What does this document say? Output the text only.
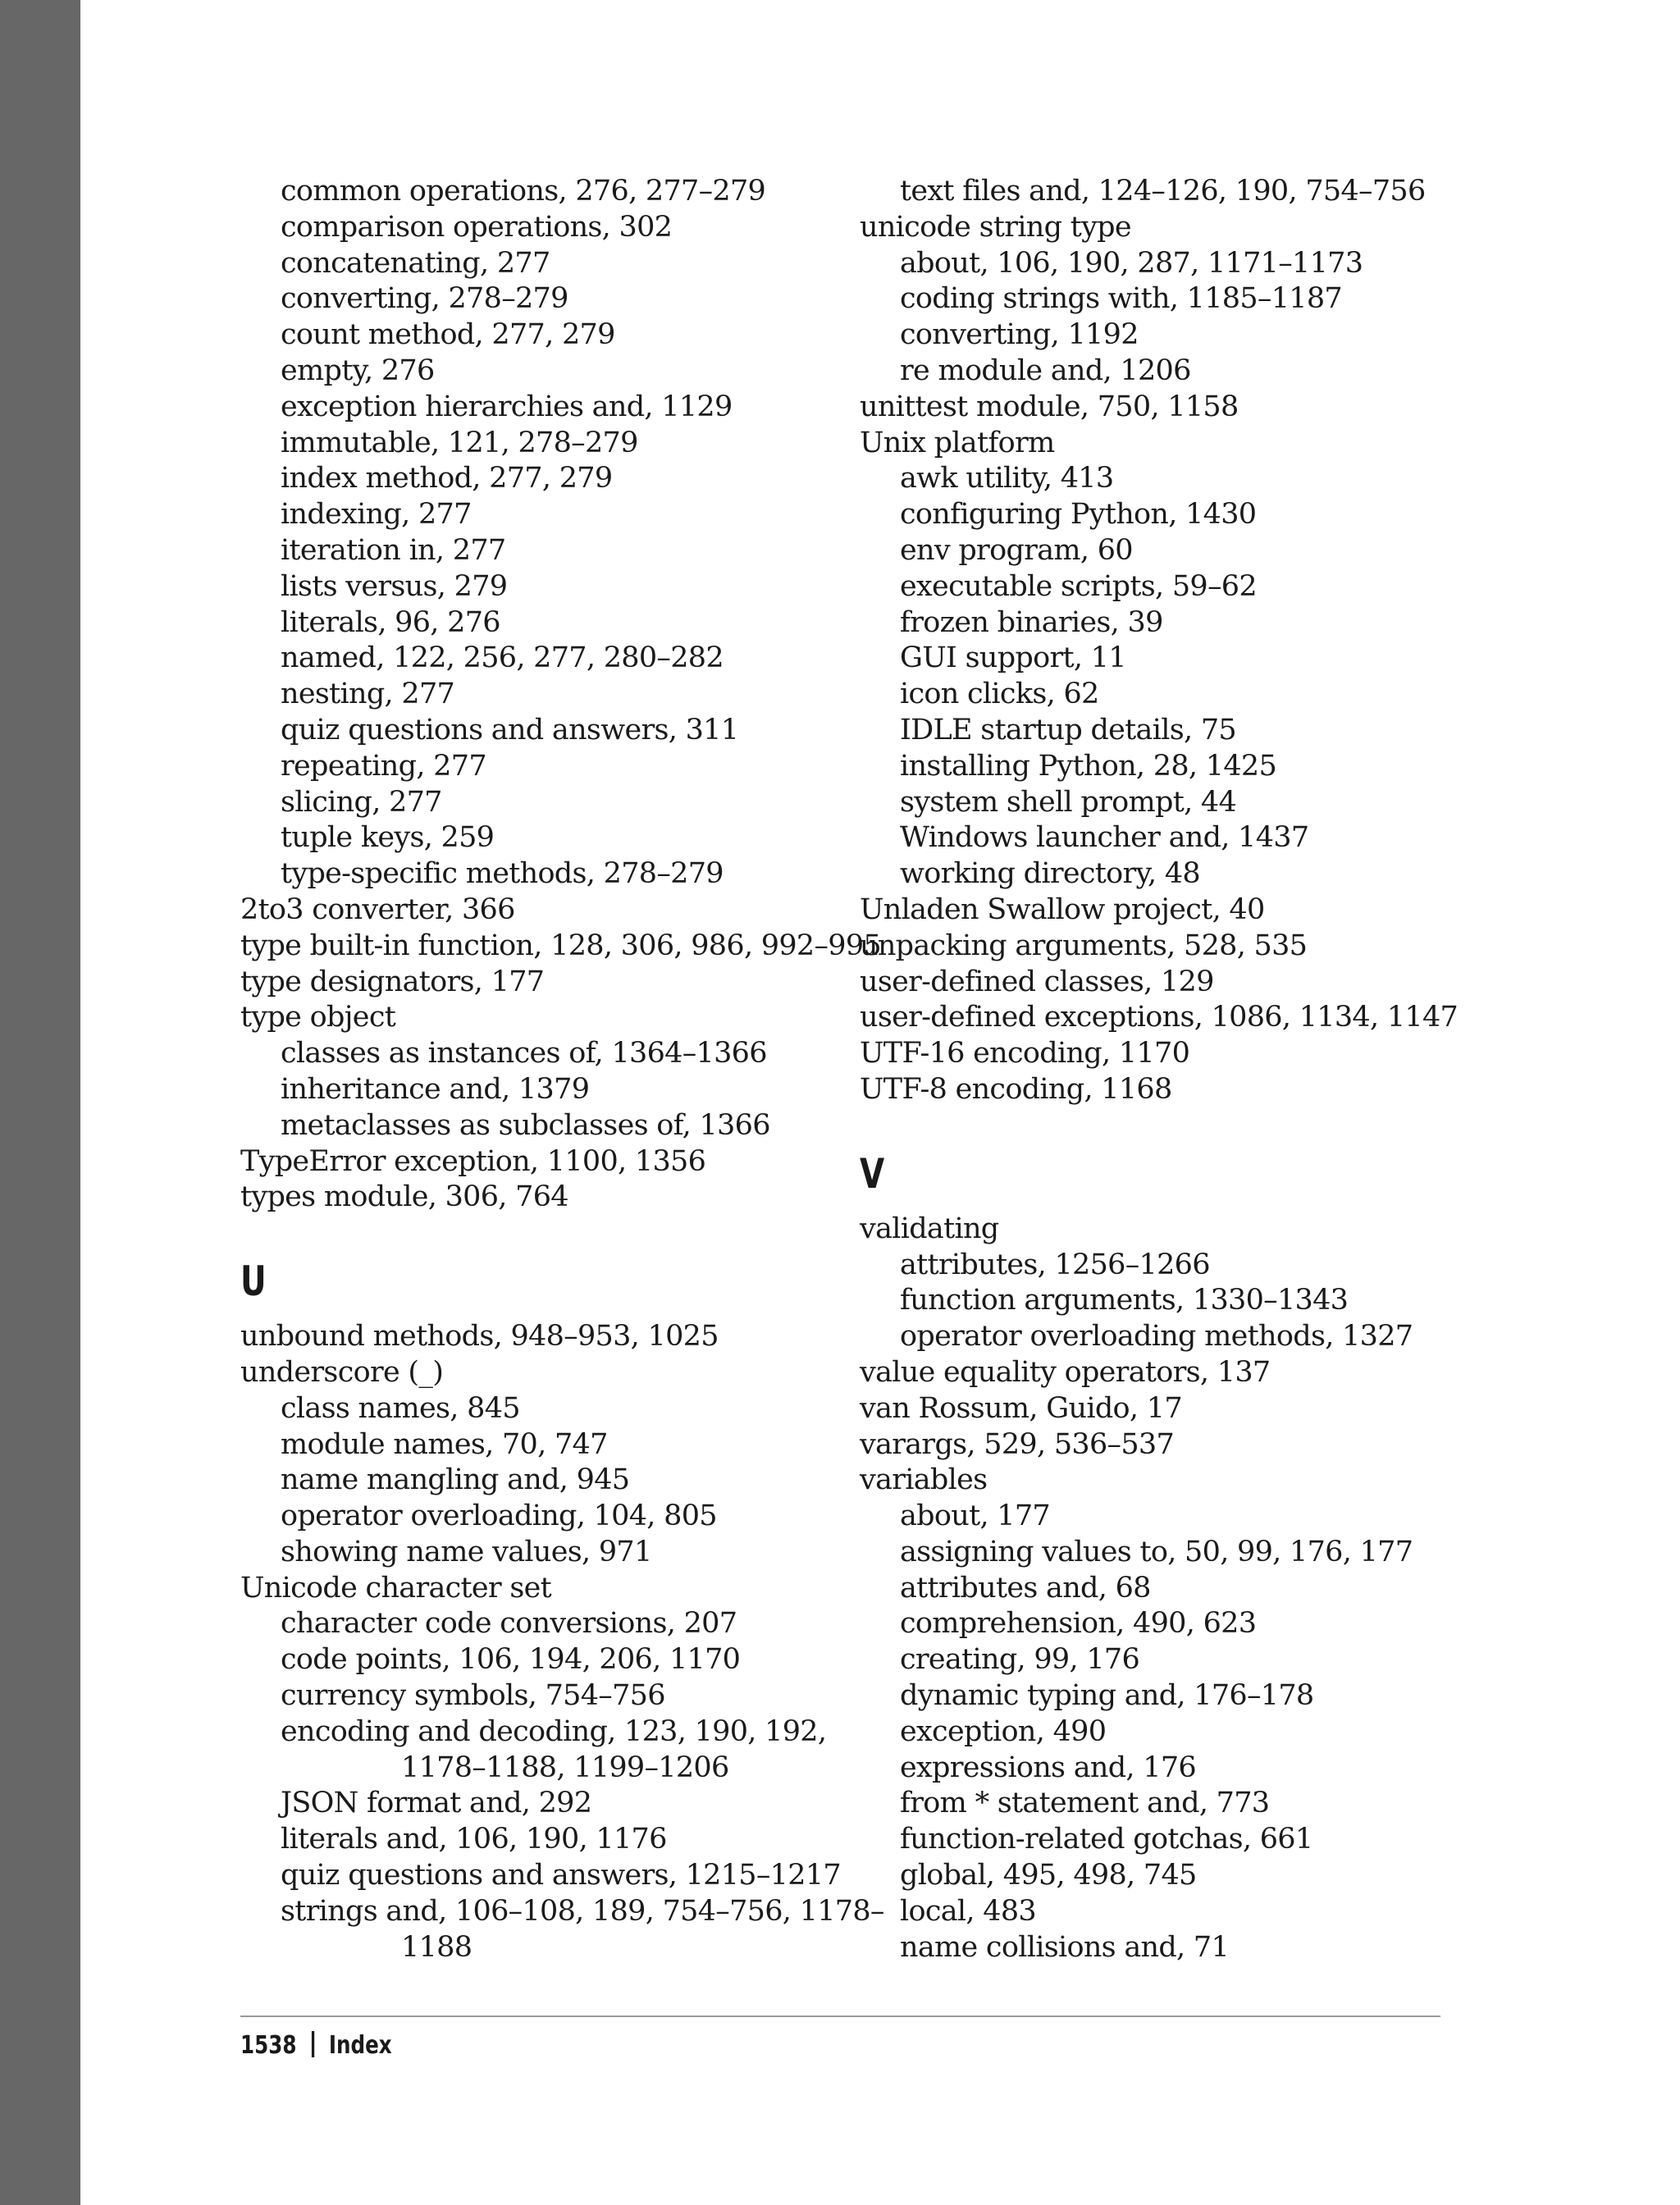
common operations, 276, 277–279
comparison operations, 302
concatenating, 277
converting, 278–279
count method, 277, 279
empty, 276
exception hierarchies and, 1129
immutable, 121, 278–279
index method, 277, 279
indexing, 277
iteration in, 277
lists versus, 279
literals, 96, 276
named, 122, 256, 277, 280–282
nesting, 277
quiz questions and answers, 311
repeating, 277
slicing, 277
tuple keys, 259
type-specific methods, 278–279
2to3 converter, 366
type built-in function, 128, 306, 986, 992–995
type designators, 177
type object
classes as instances of, 1364–1366
inheritance and, 1379
metaclasses as subclasses of, 1366
TypeError exception, 1100, 1356
types module, 306, 764
U
unbound methods, 948–953, 1025
underscore (_)
class names, 845
module names, 70, 747
name mangling and, 945
operator overloading, 104, 805
showing name values, 971
Unicode character set
character code conversions, 207
code points, 106, 194, 206, 1170
currency symbols, 754–756
encoding and decoding, 123, 190, 192,
1178–1188, 1199–1206
JSON format and, 292
literals and, 106, 190, 1176
quiz questions and answers, 1215–1217
strings and, 106–108, 189, 754–756, 1178–
1188
text files and, 124–126, 190, 754–756
unicode string type
about, 106, 190, 287, 1171–1173
coding strings with, 1185–1187
converting, 1192
re module and, 1206
unittest module, 750, 1158
Unix platform
awk utility, 413
configuring Python, 1430
env program, 60
executable scripts, 59–62
frozen binaries, 39
GUI support, 11
icon clicks, 62
IDLE startup details, 75
installing Python, 28, 1425
system shell prompt, 44
Windows launcher and, 1437
working directory, 48
Unladen Swallow project, 40
unpacking arguments, 528, 535
user-defined classes, 129
user-defined exceptions, 1086, 1134, 1147
UTF-16 encoding, 1170
UTF-8 encoding, 1168
V
validating
attributes, 1256–1266
function arguments, 1330–1343
operator overloading methods, 1327
value equality operators, 137
van Rossum, Guido, 17
varargs, 529, 536–537
variables
about, 177
assigning values to, 50, 99, 176, 177
attributes and, 68
comprehension, 490, 623
creating, 99, 176
dynamic typing and, 176–178
exception, 490
expressions and, 176
from * statement and, 773
function-related gotchas, 661
global, 495, 498, 745
local, 483
name collisions and, 71
1538 Index
